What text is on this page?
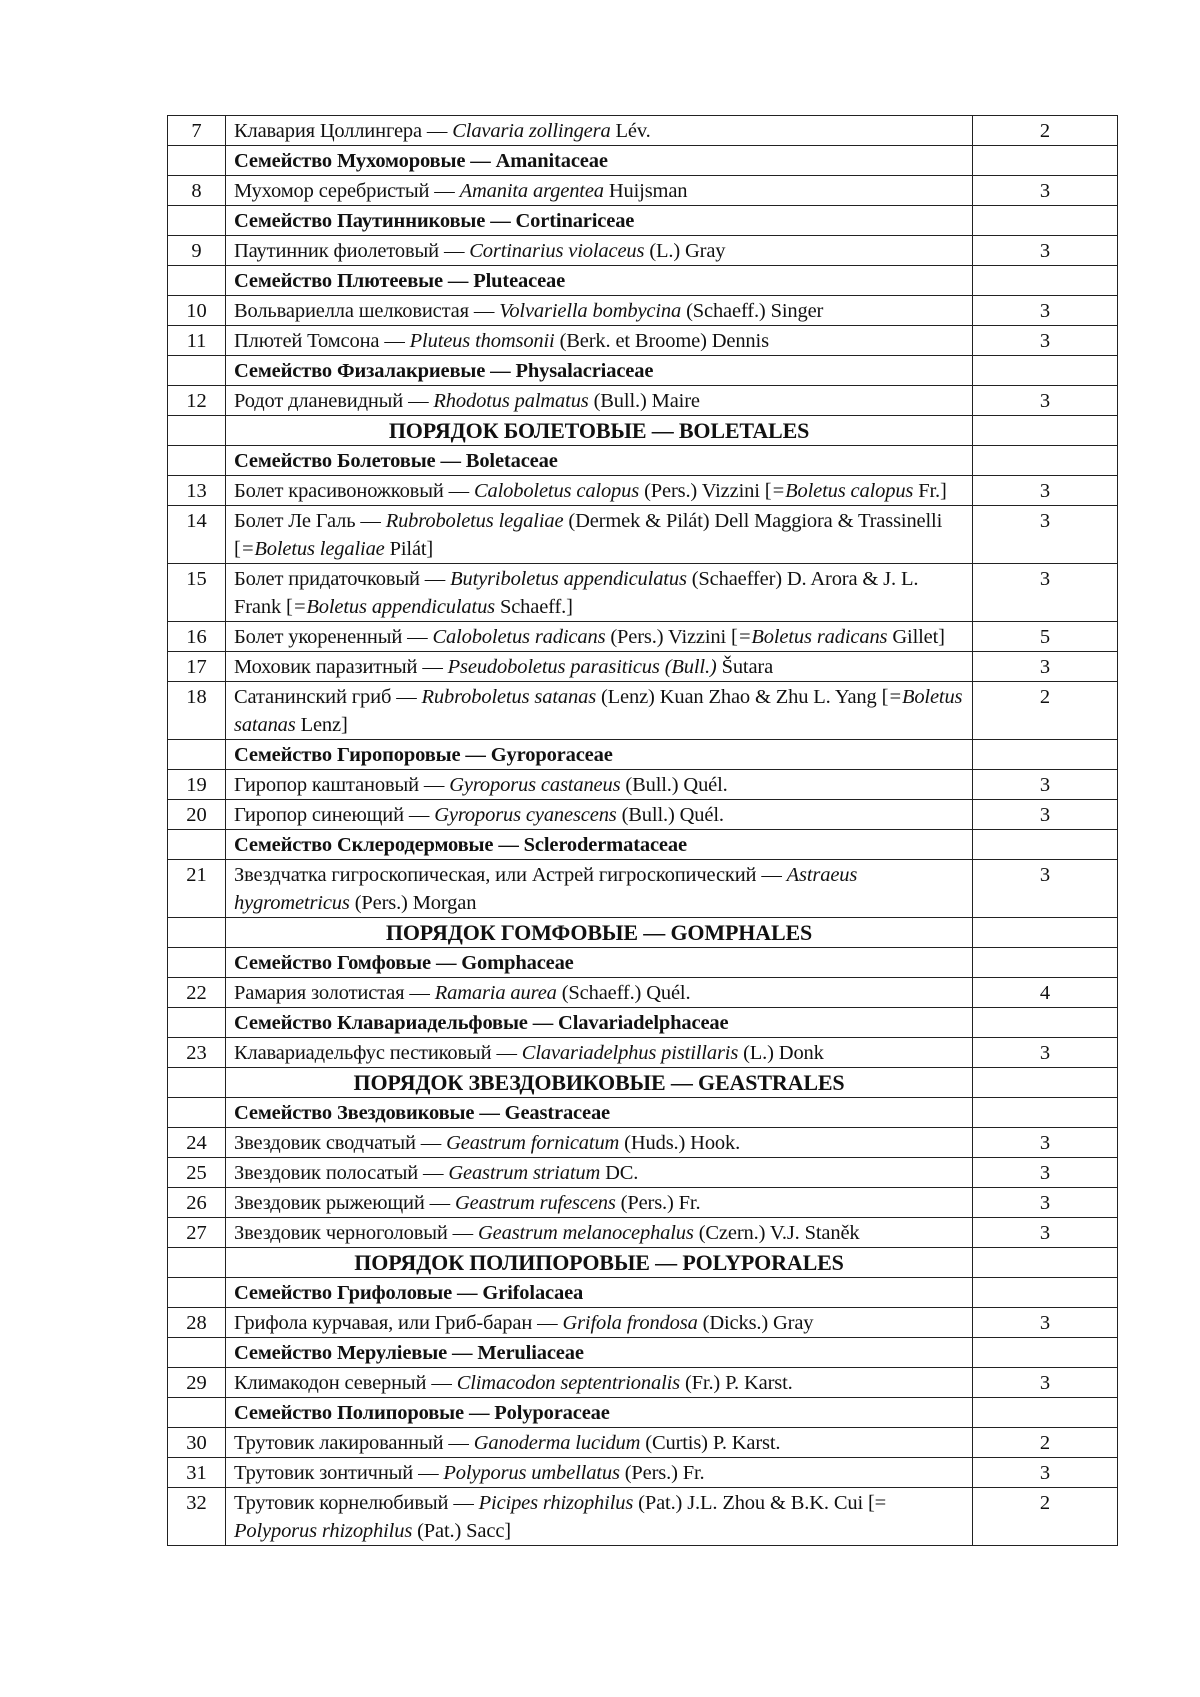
7	Клавария Цоллингера — Clavaria zollingera Lév.	2
	Семейство Мухоморовые — Amanitaceae	
8	Мухомор серебристый — Amanita argentea Huijsman	3
	Семейство Паутинниковые — Cortinariceae	
9	Паутинник фиолетовый — Cortinarius violaceus (L.) Gray	3
	Семейство Плютеевые — Pluteaceae	
10	Вольвариелла шелковистая — Volvariella bombycina (Schaeff.) Singer	3
11	Плютей Томсона — Pluteus thomsonii (Berk. et Broome) Dennis	3
	Семейство Физалакриевые — Physalacriaceae	
12	Родот дланевидный — Rhodotus palmatus (Bull.) Maire	3
	ПОРЯДОК БОЛЕТОВЫЕ — BOLETALES	
	Семейство Болетовые — Boletaceae	
13	Болет красивоножковый — Caloboletus calopus (Pers.) Vizzini [=Boletus calopus Fr.]	3
14	Болет Ле Галь — Rubroboletus legaliae (Dermek & Pilát) Dell Maggiora & Trassinelli [=Boletus legaliae Pilát]	3
15	Болет придаточковый — Butyriboletus appendiculatus (Schaeffer) D. Arora & J. L. Frank [=Boletus appendiculatus Schaeff.]	3
16	Болет укорененный — Caloboletus radicans (Pers.) Vizzini [=Boletus radicans Gillet]	5
17	Моховик паразитный — Pseudoboletus parasiticus (Bull.) Šutara	3
18	Сатанинский гриб — Rubroboletus satanas (Lenz) Kuan Zhao & Zhu L. Yang [=Boletus satanas Lenz]	2
	Семейство Гиропоровые — Gyroporaceae	
19	Гиропор каштановый — Gyroporus castaneus (Bull.) Quél.	3
20	Гиропор синеющий — Gyroporus cyanescens (Bull.) Quél.	3
	Семейство Склеродермовые — Sclerodermataceae	
21	Звездчатка гигроскопическая, или Астрей гигроскопический — Astraeus hygrometricus (Pers.) Morgan	3
	ПОРЯДОК ГОМФОВЫЕ — GOMPHALES	
	Семейство Гомфовые — Gomphaceae	
22	Рамария золотистая — Ramaria aurea (Schaeff.) Quél.	4
	Семейство Клавариадельфовые — Clavariadelphaceae	
23	Клавариадельфус пестиковый — Clavariadelphus pistillaris (L.) Donk	3
	ПОРЯДОК ЗВЕЗДОВИКОВЫЕ — GEASTRALES	
	Семейство Звездовиковые — Geastraceae	
24	Звездовик сводчатый — Geastrum fornicatum (Huds.) Hook.	3
25	Звездовик полосатый — Geastrum striatum DC.	3
26	Звездовик рыжеющий — Geastrum rufescens (Pers.) Fr.	3
27	Звездовик черноголовый — Geastrum melanocephalus (Czern.) V.J. Staněk	3
	ПОРЯДОК ПОЛИПОРОВЫЕ — POLYPORALES	
	Семейство Грифоловые — Grifolacaea	
28	Грифола курчавая, или Гриб-баран — Grifola frondosa (Dicks.) Gray	3
	Семейство Меруліевые — Meruliaceae	
29	Климакодон северный — Climacodon septentrionalis (Fr.) P. Karst.	3
	Семейство Полипоровые — Polyporaceae	
30	Трутовик лакированный — Ganoderma lucidum (Curtis) P. Karst.	2
31	Трутовик зонтичный — Polyporus umbellatus (Pers.) Fr.	3
32	Трутовик корнелюбивый — Picipes rhizophilus (Pat.) J.L. Zhou & B.K. Cui [= Polyporus rhizophilus (Pat.) Sacc]	2
